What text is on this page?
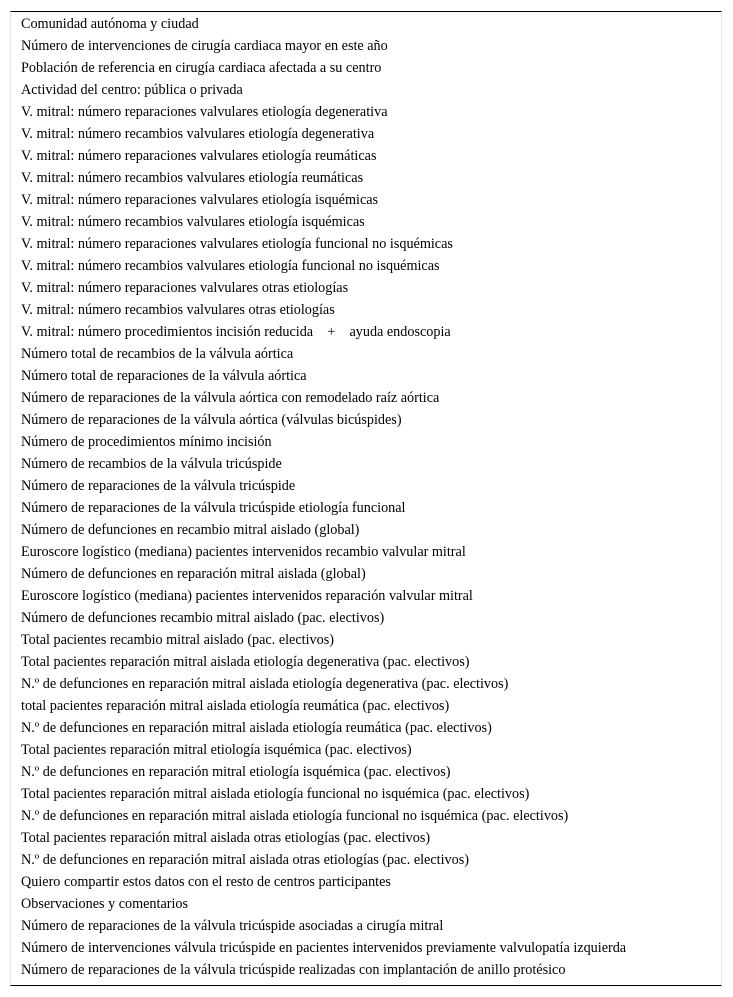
Comunidad autónoma y ciudad
Número de intervenciones de cirugía cardiaca mayor en este año
Población de referencia en cirugía cardiaca afectada a su centro
Actividad del centro: pública o privada
V. mitral: número reparaciones valvulares etiología degenerativa
V. mitral: número recambios valvulares etiología degenerativa
V. mitral: número reparaciones valvulares etiología reumáticas
V. mitral: número recambios valvulares etiología reumáticas
V. mitral: número reparaciones valvulares etiología isquémicas
V. mitral: número recambios valvulares etiología isquémicas
V. mitral: número reparaciones valvulares etiología funcional no isquémicas
V. mitral: número recambios valvulares etiología funcional no isquémicas
V. mitral: número reparaciones valvulares otras etiologías
V. mitral: número recambios valvulares otras etiologías
V. mitral: número procedimientos incisión reducida    +    ayuda endoscopia
Número total de recambios de la válvula aórtica
Número total de reparaciones de la válvula aórtica
Número de reparaciones de la válvula aórtica con remodelado raíz aórtica
Número de reparaciones de la válvula aórtica (válvulas bicúspides)
Número de procedimientos mínimo incisión
Número de recambios de la válvula tricúspide
Número de reparaciones de la válvula tricúspide
Número de reparaciones de la válvula tricúspide etiología funcional
Número de defunciones en recambio mitral aislado (global)
Euroscore logístico (mediana) pacientes intervenidos recambio valvular mitral
Número de defunciones en reparación mitral aislada (global)
Euroscore logístico (mediana) pacientes intervenidos reparación valvular mitral
Número de defunciones recambio mitral aislado (pac. electivos)
Total pacientes recambio mitral aislado (pac. electivos)
Total pacientes reparación mitral aislada etiología degenerativa (pac. electivos)
N.º de defunciones en reparación mitral aislada etiología degenerativa (pac. electivos)
total pacientes reparación mitral aislada etiología reumática (pac. electivos)
N.º de defunciones en reparación mitral aislada etiología reumática (pac. electivos)
Total pacientes reparación mitral etiología isquémica (pac. electivos)
N.º de defunciones en reparación mitral etiología isquémica (pac. electivos)
Total pacientes reparación mitral aislada etiología funcional no isquémica (pac. electivos)
N.º de defunciones en reparación mitral aislada etiología funcional no isquémica (pac. electivos)
Total pacientes reparación mitral aislada otras etiologías (pac. electivos)
N.º de defunciones en reparación mitral aislada otras etiologías (pac. electivos)
Quiero compartir estos datos con el resto de centros participantes
Observaciones y comentarios
Número de reparaciones de la válvula tricúspide asociadas a cirugía mitral
Número de intervenciones válvula tricúspide en pacientes intervenidos previamente valvulopatía izquierda
Número de reparaciones de la válvula tricúspide realizadas con implantación de anillo protésico
